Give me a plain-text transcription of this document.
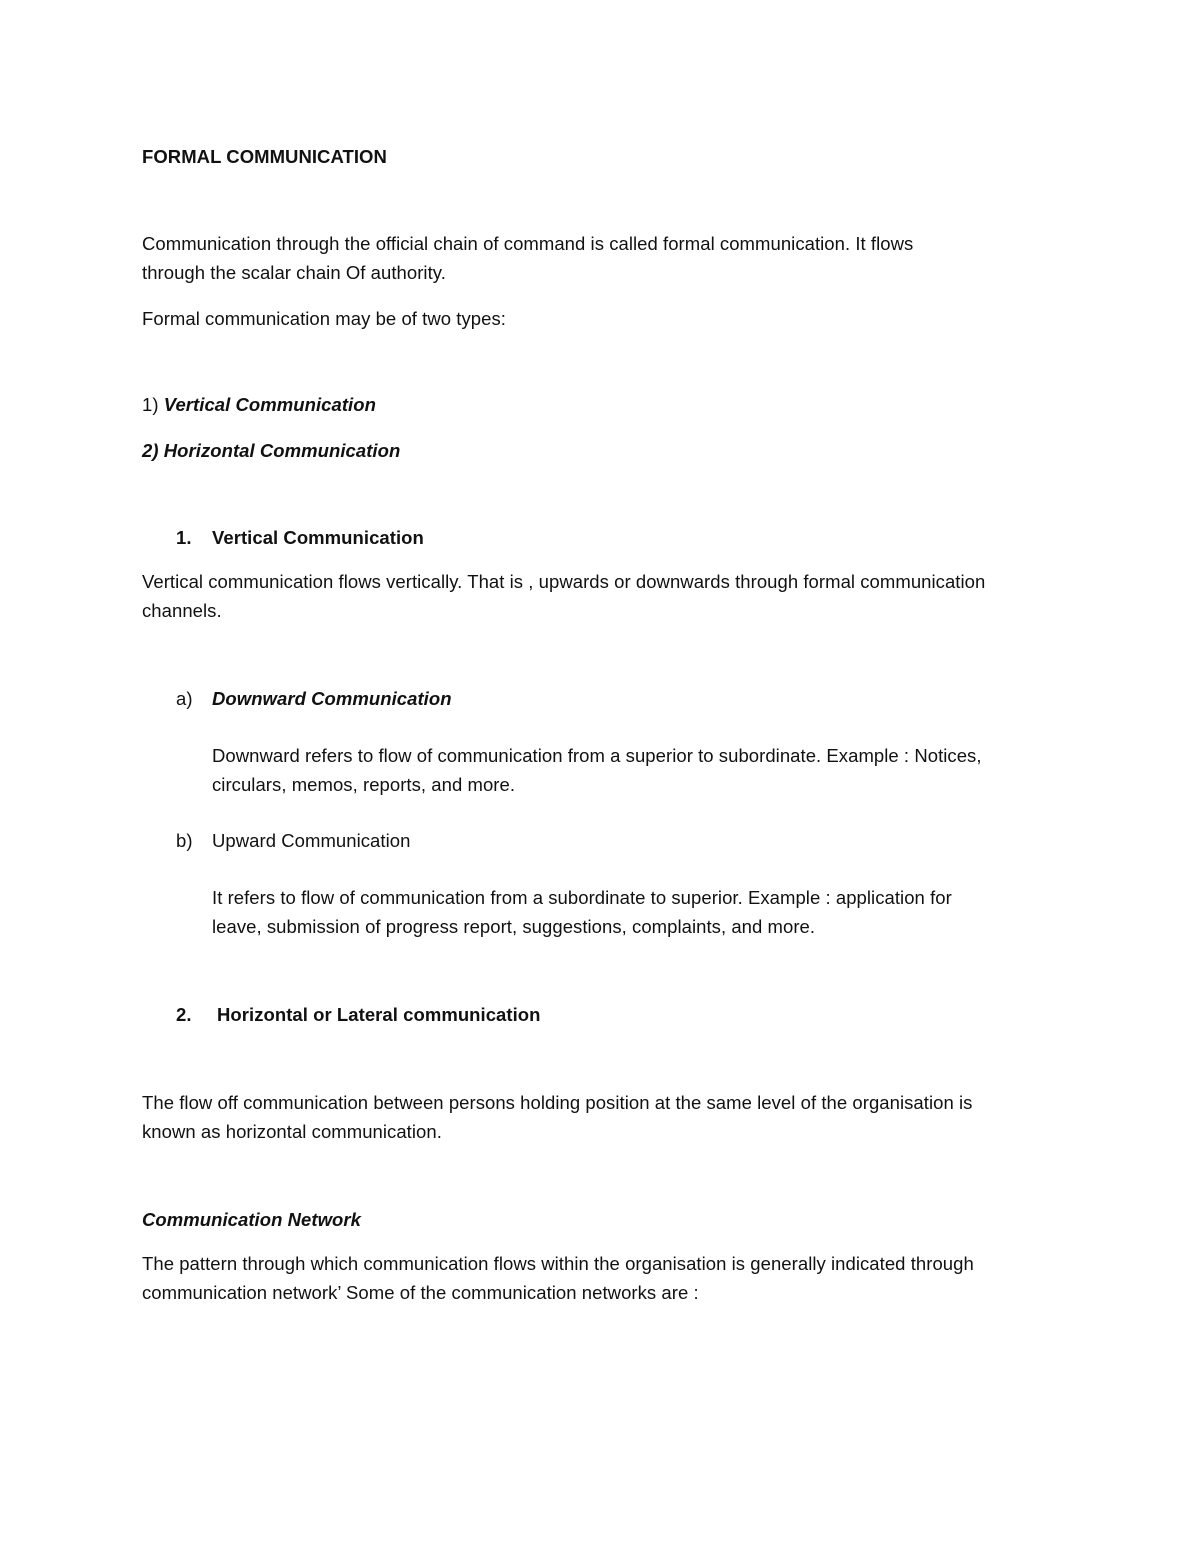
FORMAL COMMUNICATION
Communication through the official chain of command is called formal communication. It flows
through the scalar chain Of authority.
Formal communication may be of two types:
1) Vertical Communication
2) Horizontal Communication
1. Vertical Communication
Vertical communication flows vertically. That is , upwards or downwards through formal communication
channels.
a) Downward Communication
Downward refers to flow of communication from a superior to subordinate. Example : Notices,
circulars, memos, reports, and more.
b) Upward Communication
It refers to flow of communication from a subordinate to superior. Example : application for
leave, submission of progress report, suggestions, complaints, and more.
2. Horizontal or Lateral communication
The flow off communication between persons holding position at the same level of the organisation is
known as horizontal communication.
Communication Network
The pattern through which communication flows within the organisation is generally indicated through
communication network’ Some of the communication networks are :
